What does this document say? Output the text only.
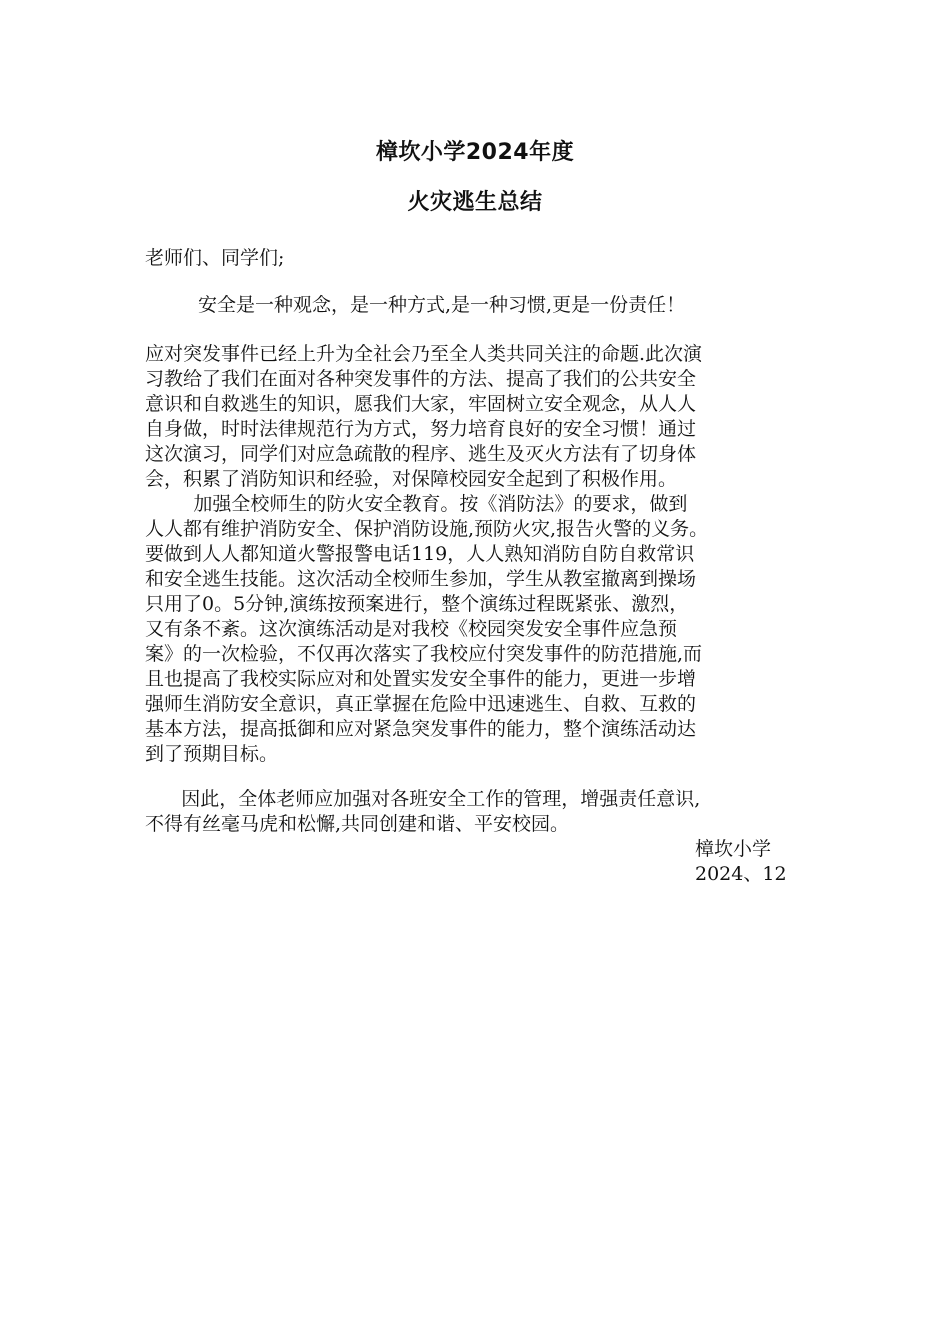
樟坎小学2024年度
火灾逃生总结
老师们、同学们;
安全是一种观念，是一种方式,是一种习惯,更是一份责任！
应对突发事件已经上升为全社会乃至全人类共同关注的命题.此次演
习教给了我们在面对各种突发事件的方法、提高了我们的公共安全
意识和自救逃生的知识，愿我们大家，牢固树立安全观念，从人人
自身做，时时法律规范行为方式，努力培育良好的安全习惯！通过
这次演习，同学们对应急疏散的程序、逃生及灭火方法有了切身体
会，积累了消防知识和经验，对保障校园安全起到了积极作用。
加强全校师生的防火安全教育。按《消防法》的要求，做到
人人都有维护消防安全、保护消防设施,预防火灾,报告火警的义务。
要做到人人都知道火警报警电话119，人人熟知消防自防自救常识
和安全逃生技能。这次活动全校师生参加，学生从教室撤离到操场
只用了0。5分钟,演练按预案进行，整个演练过程既紧张、激烈，
又有条不紊。这次演练活动是对我校《校园突发安全事件应急预
案》的一次检验，不仅再次落实了我校应付突发事件的防范措施,而
且也提高了我校实际应对和处置实发安全事件的能力，更进一步增
强师生消防安全意识，真正掌握在危险中迅速逃生、自救、互救的
基本方法，提高抵御和应对紧急突发事件的能力，整个演练活动达
到了预期目标。
因此，全体老师应加强对各班安全工作的管理，增强责任意识,
不得有丝毫马虎和松懈,共同创建和谐、平安校园。
樟坎小学
2024、12
